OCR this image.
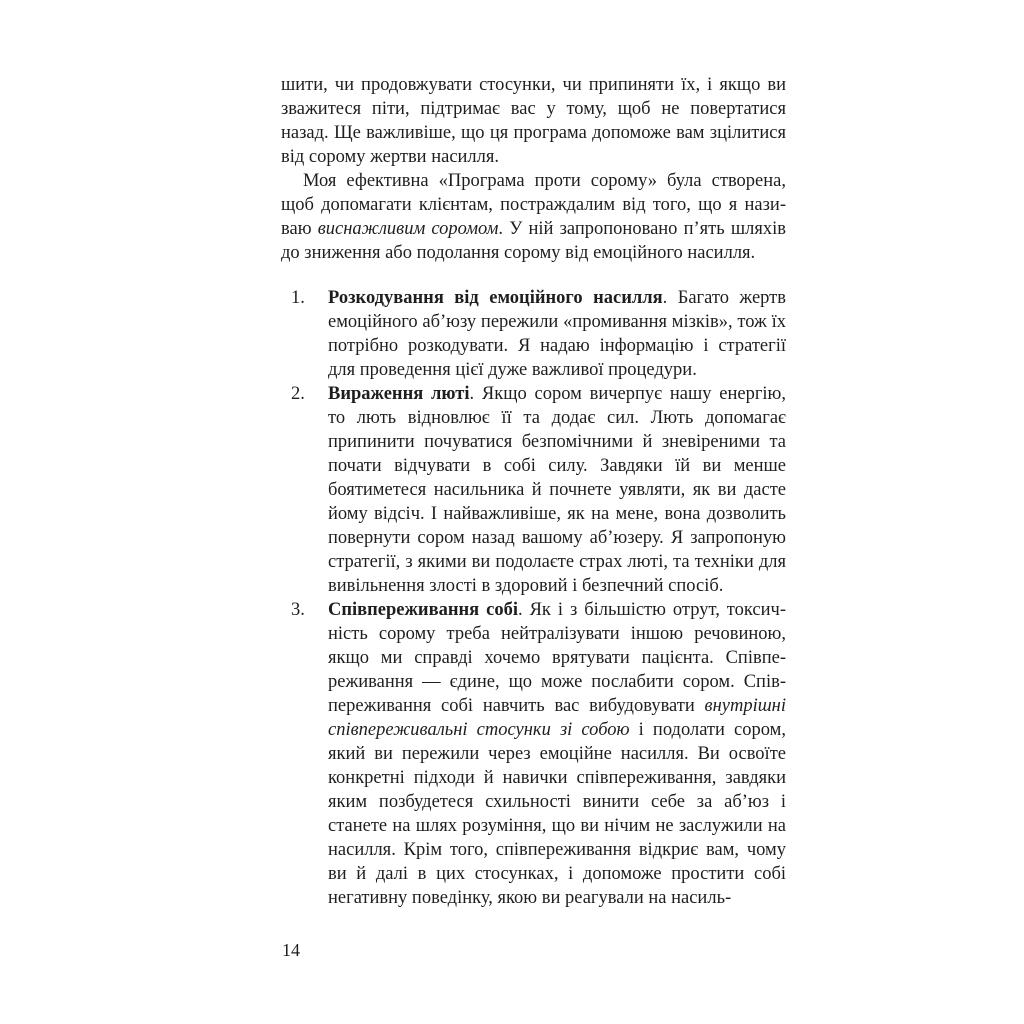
шити, чи продовжувати стосунки, чи припиняти їх, і якщо ви зважитеся піти, підтримає вас у тому, щоб не повертатися назад. Ще важливіше, що ця програма допоможе вам зцілитися від сорому жертви насилля.

Моя ефективна «Програма проти сорому» була створена, щоб допомагати клієнтам, постраждалим від того, що я називаю виснажливим соромом. У ній запропоновано п’ять шляхів до зниження або подолання сорому від емоційного насилля.

1. Розкодування від емоційного насилля. Багато жертв емоційного аб’юзу пережили «промивання мізків», тож їх потрібно розкодувати. Я надаю інформацію і стратегії для проведення цієї дуже важливої процедури.
2. Вираження люті. Якщо сором вичерпує нашу енергію, то лють відновлює її та додає сил. Лють допомагає припинити почуватися безпомічними й зневіреними та почати відчувати в собі силу. Завдяки їй ви менше боятиметеся насильника й почнете уявляти, як ви дасте йому відсіч. І найважливіше, як на мене, вона дозволить повернути сором назад вашому аб’юзеру. Я запропоную стратегії, з якими ви подолаєте страх люті, та техніки для вивільнення злості в здоровий і безпечний спосіб.
3. Співпереживання собі. Як і з більшістю отрут, токсичність сорому треба нейтралізувати іншою речовиною, якщо ми справді хочемо врятувати пацієнта. Співпереживання — єдине, що може послабити сором. Співпереживання собі навчить вас вибудовувати внутрішні співпереживальні стосунки зі собою і подолати сором, який ви пережили через емоційне насилля. Ви освоїте конкретні підходи й навички співпереживання, завдяки яким позбудетеся схильності винити себе за аб’юз і станете на шлях розуміння, що ви нічим не заслужили на насилля. Крім того, співпереживання відкриє вам, чому ви й далі в цих стосунках, і допоможе простити собі негативну поведінку, якою ви реагували на насиль-
14
